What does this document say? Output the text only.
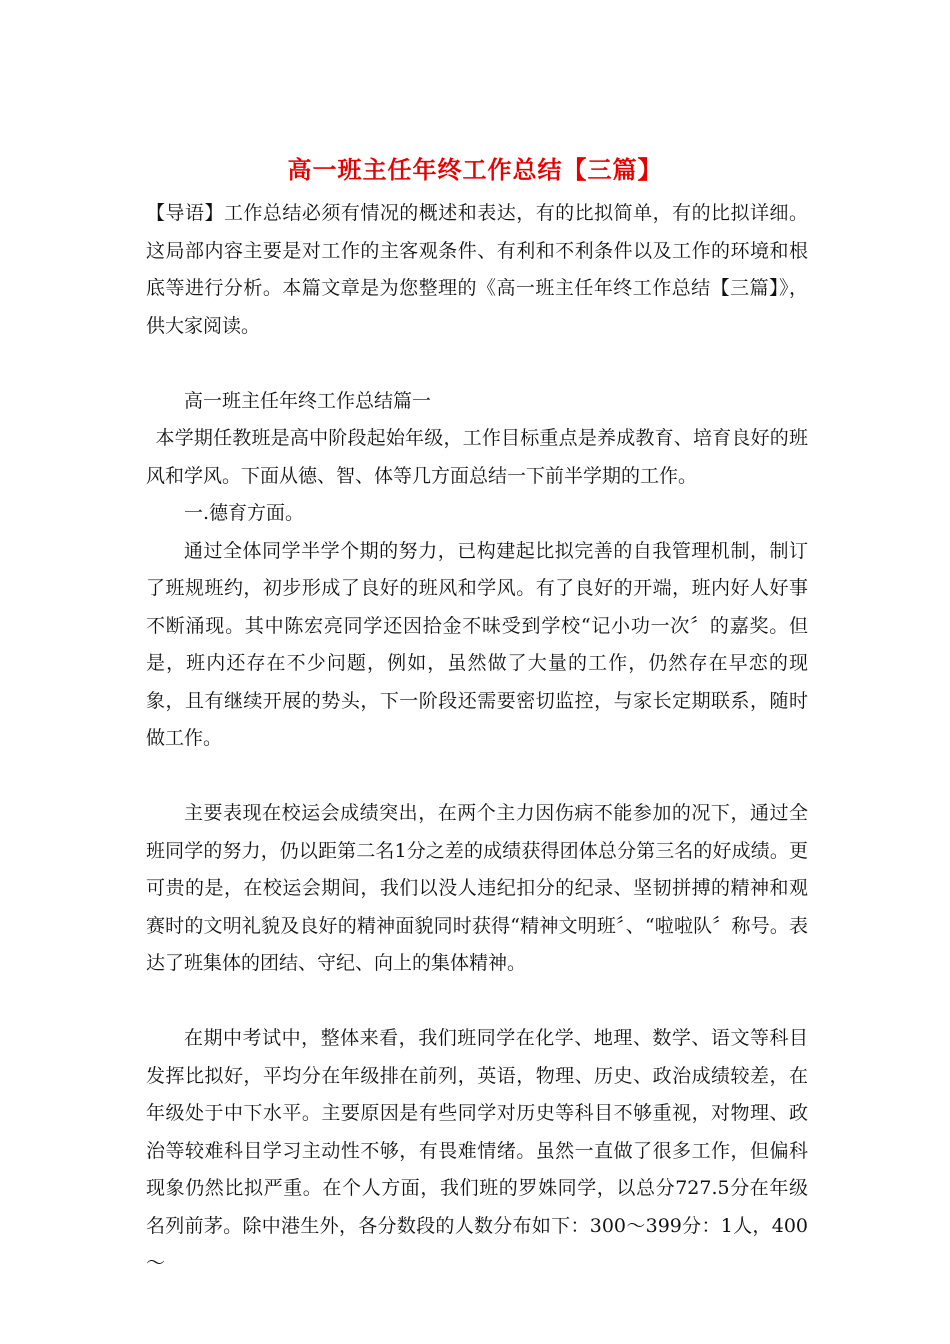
高一班主任年终工作总结【三篇】

【导语】工作总结必须有情况的概述和表达，有的比拟简单，有的比拟详细。这局部内容主要是对工作的主客观条件、有利和不利条件以及工作的环境和根底等进行分析。本篇文章是为您整理的《高一班主任年终工作总结【三篇】》，供大家阅读。

高一班主任年终工作总结篇一

本学期任教班是高中阶段起始年级，工作目标重点是养成教育、培育良好的班风和学风。下面从德、智、体等几方面总结一下前半学期的工作。

一.德育方面。

通过全体同学半学个期的努力，已构建起比拟完善的自我管理机制，制订了班规班约，初步形成了良好的班风和学风。有了良好的开端，班内好人好事不断涌现。其中陈宏亮同学还因拾金不昧受到学校“记小功一次〞的嘉奖。但是，班内还存在不少问题，例如，虽然做了大量的工作，仍然存在早恋的现象，且有继续开展的势头，下一阶段还需要密切监控，与家长定期联系，随时做工作。

主要表现在校运会成绩突出，在两个主力因伤病不能参加的况下，通过全班同学的努力，仍以距第二名1分之差的成绩获得团体总分第三名的好成绩。更可贵的是，在校运会期间，我们以没人违纪扣分的纪录、坚韧拼搏的精神和观赛时的文明礼貌及良好的精神面貌同时获得“精神文明班〞、“啦啦队〞称号。表达了班集体的团结、守纪、向上的集体精神。

在期中考试中，整体来看，我们班同学在化学、地理、数学、语文等科目发挥比拟好，平均分在年级排在前列，英语，物理、历史、政治成绩较差，在年级处于中下水平。主要原因是有些同学对历史等科目不够重视，对物理、政治等较难科目学习主动性不够，有畏难情绪。虽然一直做了很多工作，但偏科现象仍然比拟严重。在个人方面，我们班的罗姝同学，以总分727.5分在年级名列前茅。除中港生外，各分数段的人数分布如下：300～399分：1人，400～
